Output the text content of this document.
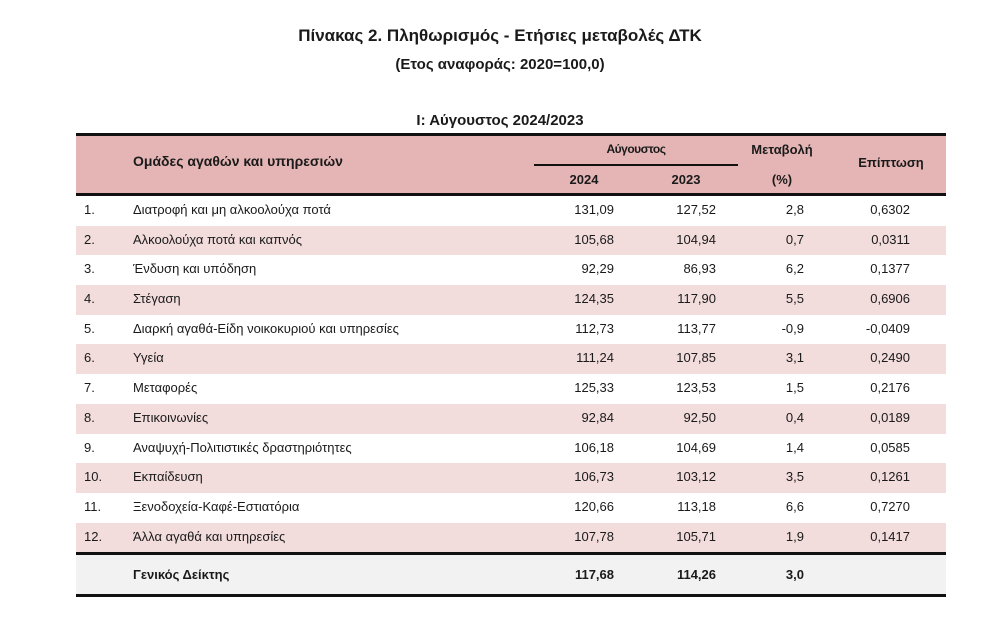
Πίνακας 2. Πληθωρισμός - Ετήσιες μεταβολές ΔΤΚ
(Ετος αναφοράς: 2020=100,0)
Ι: Αύγουστος 2024/2023
Ομάδες αγαθών και υπηρεσιών
Αύγουστος
2024	2023
Μεταβολή
(%)
Επίπτωση
1.	Διατροφή και μη αλκοολούχα ποτά	131,09	127,52	2,8	0,6302
2.	Αλκοολούχα ποτά και καπνός	105,68	104,94	0,7	0,0311
3.	Ένδυση και υπόδηση	92,29	86,93	6,2	0,1377
4.	Στέγαση	124,35	117,90	5,5	0,6906
5.	Διαρκή αγαθά-Είδη νοικοκυριού και υπηρεσίες	112,73	113,77	-0,9	-0,0409
6.	Υγεία	111,24	107,85	3,1	0,2490
7.	Μεταφορές	125,33	123,53	1,5	0,2176
8.	Επικοινωνίες	92,84	92,50	0,4	0,0189
9.	Αναψυχή-Πολιτιστικές δραστηριότητες	106,18	104,69	1,4	0,0585
10. Εκπαίδευση	106,73	103,12	3,5	0,1261
11. Ξενοδοχεία-Καφέ-Εστιατόρια	120,66	113,18	6,6	0,7270
12. Άλλα αγαθά και υπηρεσίες	107,78	105,71	1,9	0,1417
Γενικός Δείκτης	117,68	114,26	3,0
